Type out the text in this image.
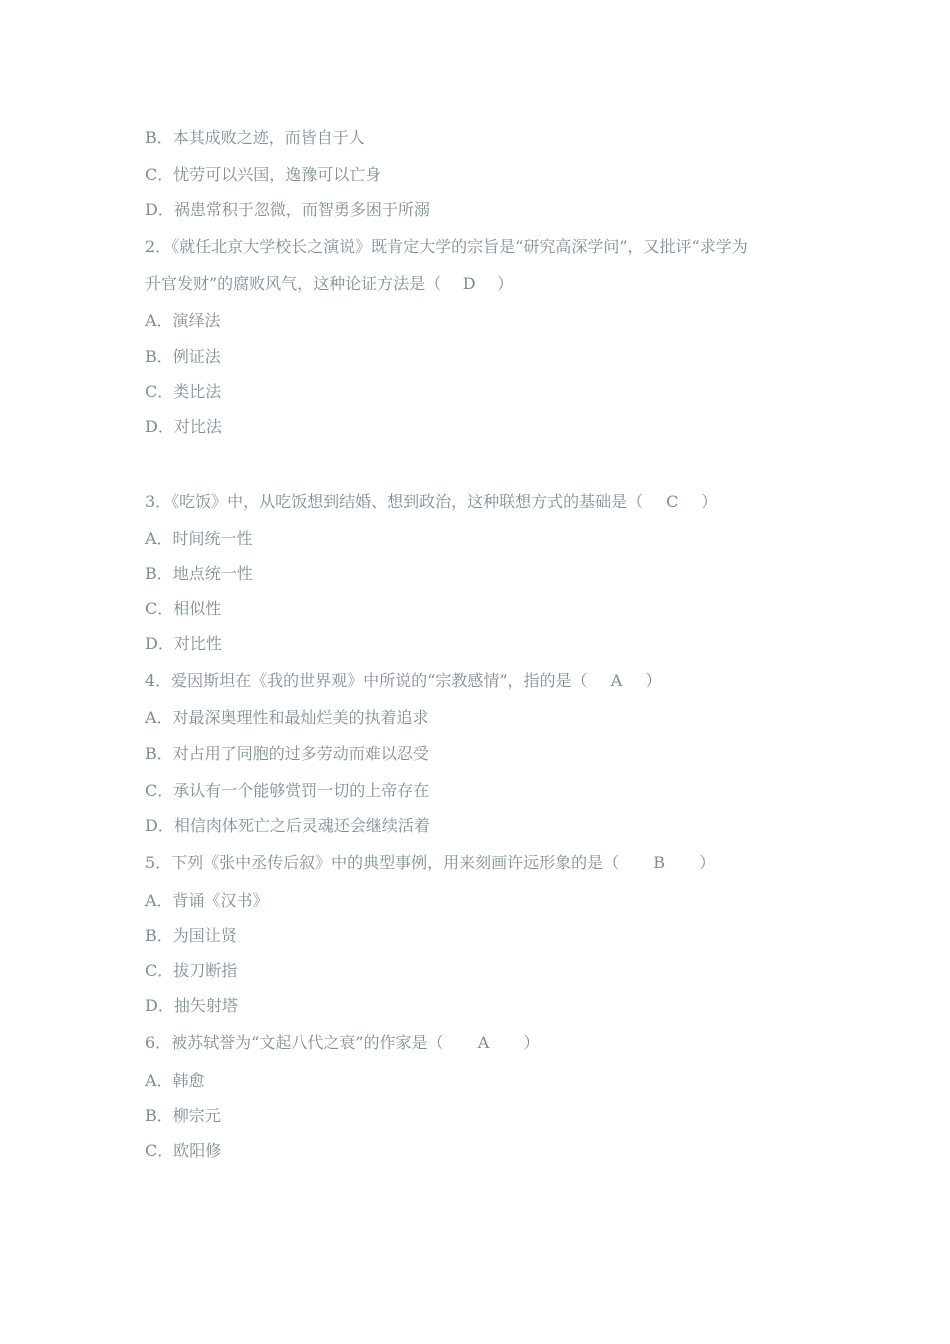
B．本其成败之迹，而皆自于人
C．忧劳可以兴国，逸豫可以亡身
D．祸患常积于忽微，而智勇多困于所溺
2．《就任北京大学校长之演说》既肯定大学的宗旨是“研究高深学问”，又批评“求学为
升官发财”的腐败风气，这种论证方法是（ D ）
A．演绎法
B．例证法
C．类比法
D．对比法
3．《吃饭》中，从吃饭想到结婚、想到政治，这种联想方式的基础是（ C ）
A．时间统一性
B．地点统一性
C．相似性
D．对比性
4．爱因斯坦在《我的世界观》中所说的“宗教感情”，指的是（ A ）
A．对最深奥理性和最灿烂美的执着追求
B．对占用了同胞的过多劳动而难以忍受
C．承认有一个能够赏罚一切的上帝存在
D．相信肉体死亡之后灵魂还会继续活着
5．下列《张中丞传后叙》中的典型事例，用来刻画许远形象的是（ B ）
A．背诵《汉书》
B．为国让贤
C．拔刀断指
D．抽矢射塔
6．被苏轼誉为“文起八代之衰”的作家是（ A ）
A．韩愈
B．柳宗元
C．欧阳修
